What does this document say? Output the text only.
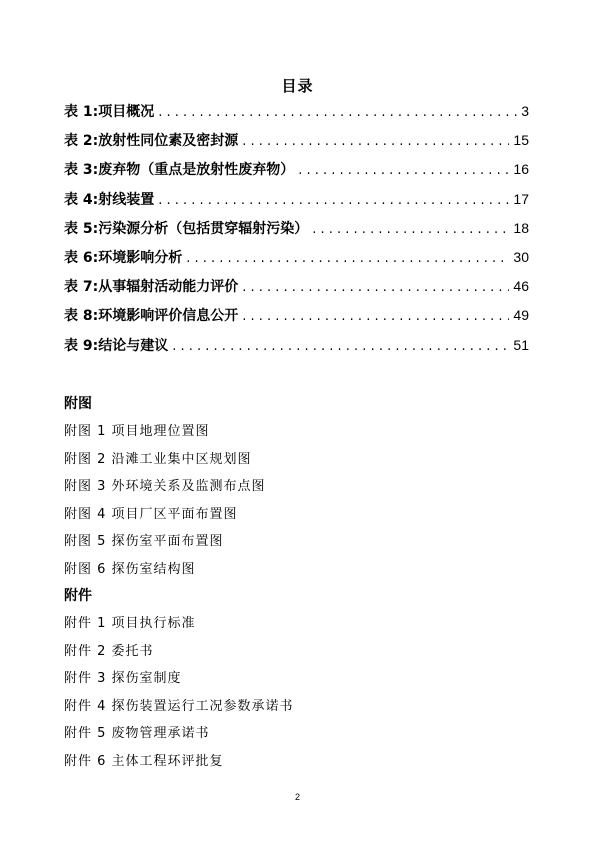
目录
表 1: 项目概况 . . .	3
表 2: 放射性同位素及密封源 . . .	15
表 3: 废弃物（重点是放射性废弃物） . . .	16
表 4: 射线装置 . . .	17
表 5: 污染源分析（包括贯穿辐射污染） . . .	18
表 6: 环境影响分析 . . .	30
表 7: 从事辐射活动能力评价 . . .	46
表 8: 环境影响评价信息公开 . . .	49
表 9: 结论与建议 . . .	51
附图
附图 1 项目地理位置图
附图 2 沿滩工业集中区规划图
附图 3 外环境关系及监测布点图
附图 4 项目厂区平面布置图
附图 5 探伤室平面布置图
附图 6 探伤室结构图
附件
附件 1 项目执行标准
附件 2 委托书
附件 3 探伤室制度
附件 4 探伤装置运行工况参数承诺书
附件 5 废物管理承诺书
附件 6 主体工程环评批复
2
